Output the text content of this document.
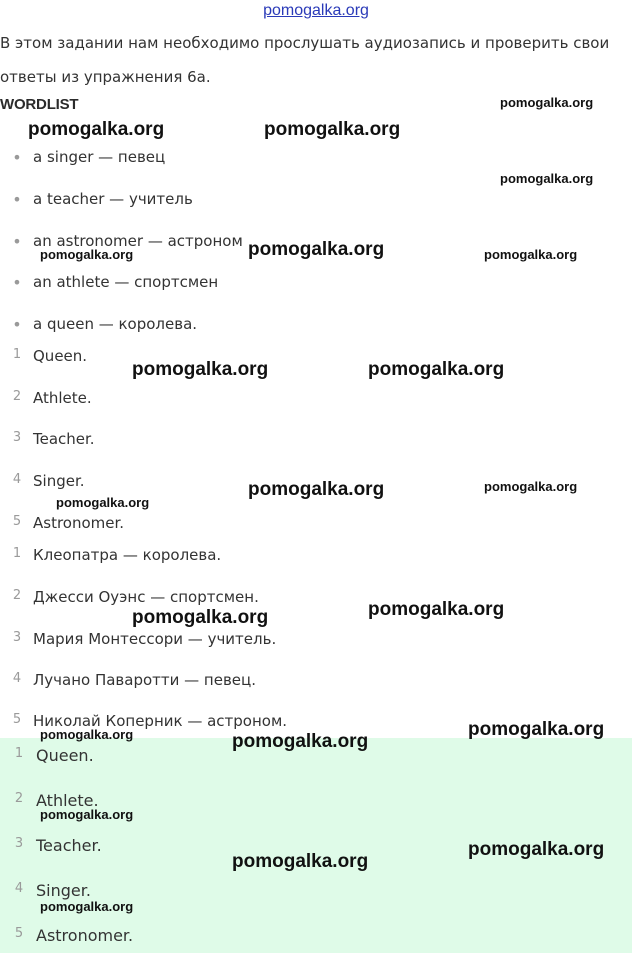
pomogalka.org
В этом задании нам необходимо прослушать аудиозапись и проверить свои ответы из упражнения 6a.
WORDLIST
• a singer — певец
• a teacher — учитель
• an astronomer — астроном
• an athlete — спортсмен
• a queen — королева.
1 Queen.
2 Athlete.
3 Teacher.
4 Singer.
5 Astronomer.
1 Клеопатра — королева.
2 Джесси Оуэнс — спортсмен.
3 Мария Монтессори — учитель.
4 Лучано Паваротти — певец.
5 Николай Коперник — астроном.
1 Queen.
2 Athlete.
3 Teacher.
4 Singer.
5 Astronomer.
pomogalka.org
pomogalka.org	pomogalka.org
pomogalka.org
pomogalka.org
pomogalka.org	pomogalka.org
pomogalka.org	pomogalka.org
pomogalka.org	pomogalka.org
pomogalka.org
pomogalka.org
pomogalka.org
pomogalka.org
pomogalka.org	pomogalka.org
pomogalka.org
pomogalka.org
pomogalka.org
pomogalka.org
